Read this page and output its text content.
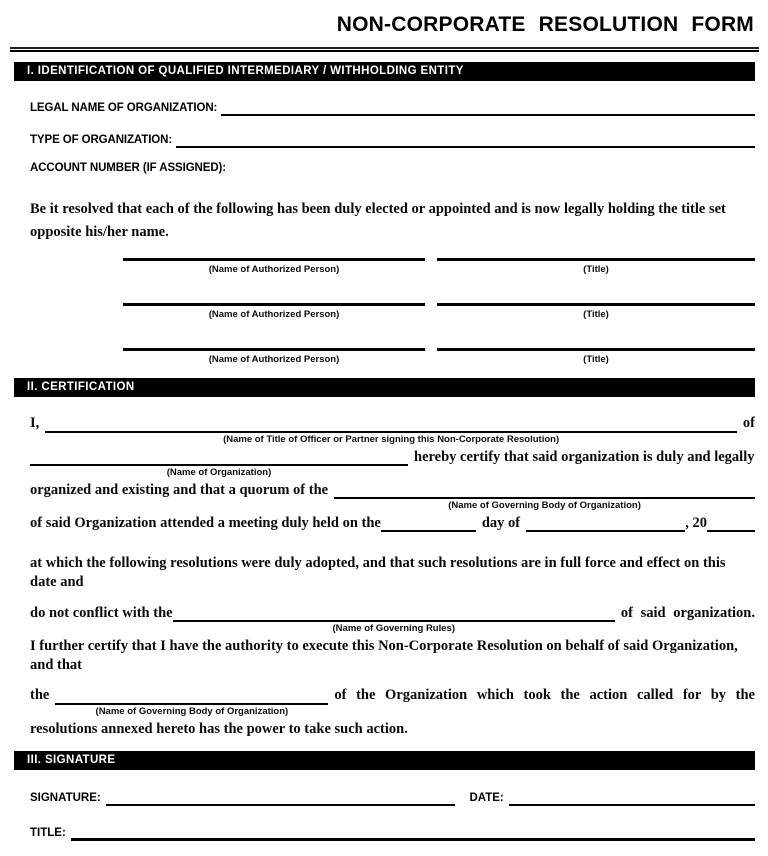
NON-CORPORATE RESOLUTION FORM
I. IDENTIFICATION OF QUALIFIED INTERMEDIARY / WITHHOLDING ENTITY
LEGAL NAME OF ORGANIZATION:
TYPE OF ORGANIZATION:
ACCOUNT NUMBER (IF ASSIGNED):

Be it resolved that each of the following has been duly elected or appointed and is now legally holding the title set opposite his/her name.

(Name of Authorized Person)	(Title)
(Name of Authorized Person)	(Title)
(Name of Authorized Person)	(Title)
II. CERTIFICATION
I,
(Name of Title of Officer or Partner signing this Non-Corporate Resolution)
of
(Name of Organization)
hereby certify that said organization is duly and legally
organized and existing and that a quorum of the
(Name of Governing Body of Organization)
of said Organization attended a meeting duly held on the	day of	, 20

at which the following resolutions were duly adopted, and that such resolutions are in full force and effect on this date and

do not conflict with the
(Name of Governing Rules)
of said organization.

I further certify that I have the authority to execute this Non-Corporate Resolution on behalf of said Organization, and that

the
(Name of Governing Body of Organization)
of the Organization which took the action called for by the

resolutions annexed hereto has the power to take such action.

III. SIGNATURE
SIGNATURE:	DATE:
TITLE:
